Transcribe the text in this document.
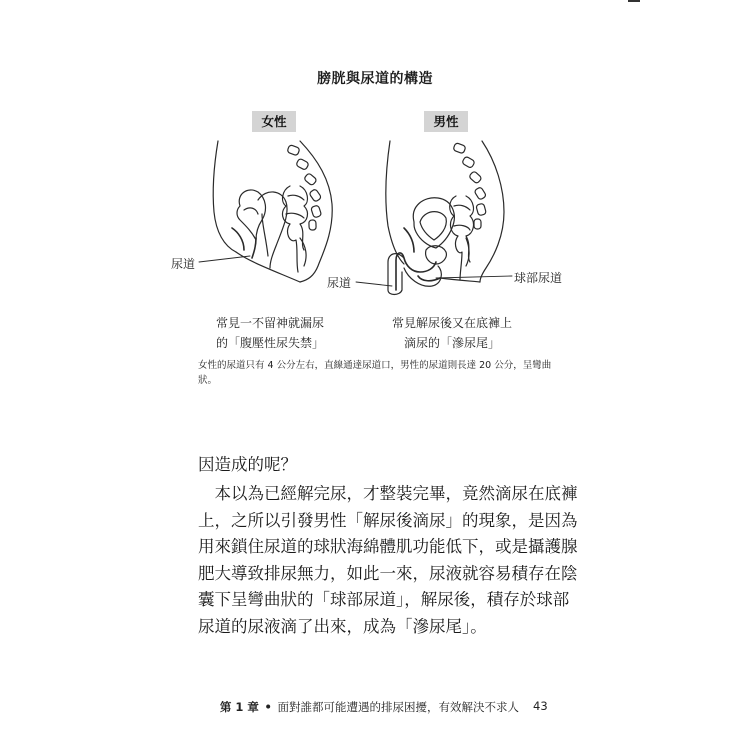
膀胱與尿道的構造
女性	男性
尿道
尿道	球部尿道
常見一不留神就漏尿
的「腹壓性尿失禁」
常見解尿後又在底褲上
滴尿的「滲尿尾」
女性的尿道只有 4 公分左右，直線通達尿道口，男性的尿道則長達 20 公分，呈彎曲狀。
因造成的呢？
　本以為已經解完尿，才整裝完畢，竟然滴尿在底褲
上，之所以引發男性「解尿後滴尿」的現象，是因為
用來鎖住尿道的球狀海綿體肌功能低下，或是攝護腺
肥大導致排尿無力，如此一來，尿液就容易積存在陰
囊下呈彎曲狀的「球部尿道」，解尿後，積存於球部
尿道的尿液滴了出來，成為「滲尿尾」。
第 1 章 • 面對誰都可能遭遇的排尿困擾，有效解決不求人 43
